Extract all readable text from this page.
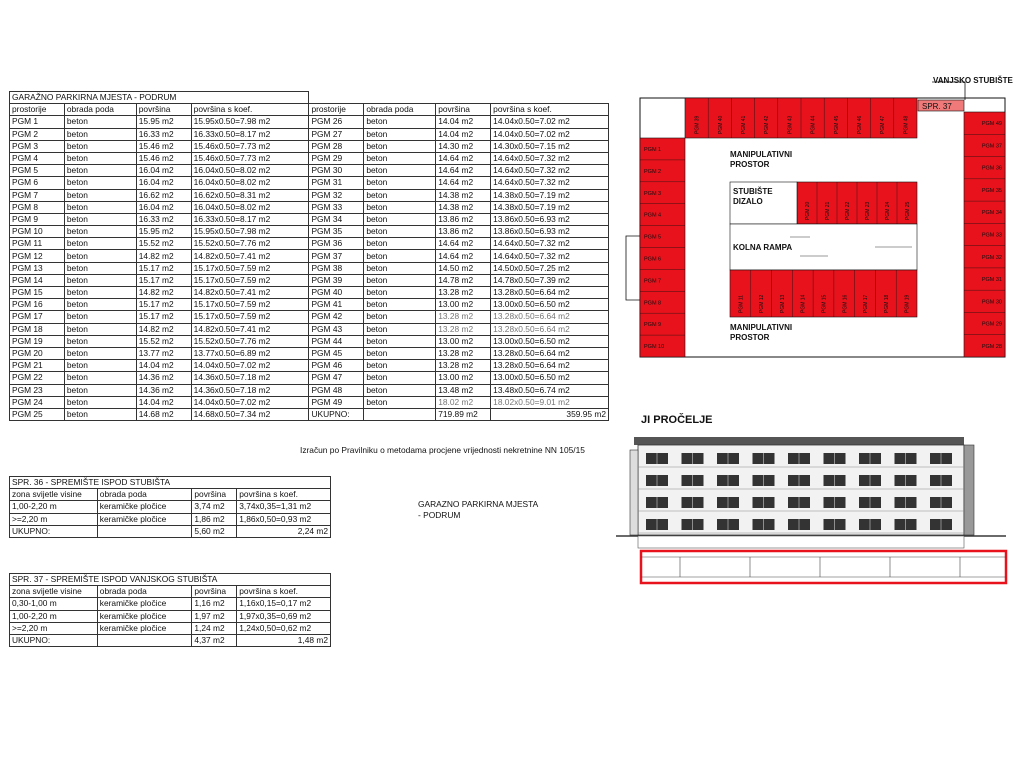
GARAŽNO PARKIRNA MJESTA - PODRUM							
prostorije	obrada poda	površina	površina s koef.	prostorije	obrada poda	površina	površina s koef.
PGM 1	beton	15.95 m2	15.95x0.50=7.98 m2	PGM 26	beton	14.04 m2	14.04x0.50=7.02 m2
PGM 2	beton	16.33 m2	16.33x0.50=8.17 m2	PGM 27	beton	14.04 m2	14.04x0.50=7.02 m2
PGM 3	beton	15.46 m2	15.46x0.50=7.73 m2	PGM 28	beton	14.30 m2	14.30x0.50=7.15 m2
PGM 4	beton	15.46 m2	15.46x0.50=7.73 m2	PGM 29	beton	14.64 m2	14.64x0.50=7.32 m2
PGM 5	beton	16.04 m2	16.04x0.50=8.02 m2	PGM 30	beton	14.64 m2	14.64x0.50=7.32 m2
PGM 6	beton	16.04 m2	16.04x0.50=8.02 m2	PGM 31	beton	14.64 m2	14.64x0.50=7.32 m2
PGM 7	beton	16.62 m2	16.62x0.50=8.31 m2	PGM 32	beton	14.38 m2	14.38x0.50=7.19 m2
PGM 8	beton	16.04 m2	16.04x0.50=8.02 m2	PGM 33	beton	14.38 m2	14.38x0.50=7.19 m2
PGM 9	beton	16.33 m2	16.33x0.50=8.17 m2	PGM 34	beton	13.86 m2	13.86x0.50=6.93 m2
PGM 10	beton	15.95 m2	15.95x0.50=7.98 m2	PGM 35	beton	13.86 m2	13.86x0.50=6.93 m2
PGM 11	beton	15.52 m2	15.52x0.50=7.76 m2	PGM 36	beton	14.64 m2	14.64x0.50=7.32 m2
PGM 12	beton	14.82 m2	14.82x0.50=7.41 m2	PGM 37	beton	14.64 m2	14.64x0.50=7.32 m2
PGM 13	beton	15.17 m2	15.17x0.50=7.59 m2	PGM 38	beton	14.50 m2	14.50x0.50=7.25 m2
PGM 14	beton	15.17 m2	15.17x0.50=7.59 m2	PGM 39	beton	14.78 m2	14.78x0.50=7.39 m2
PGM 15	beton	14.82 m2	14.82x0.50=7.41 m2	PGM 40	beton	13.28 m2	13.28x0.50=6.64 m2
PGM 16	beton	15.17 m2	15.17x0.50=7.59 m2	PGM 41	beton	13.00 m2	13.00x0.50=6.50 m2
PGM 17	beton	15.17 m2	15.17x0.50=7.59 m2	PGM 42	beton	13.28 m2	13.28x0.50=6.64 m2
PGM 18	beton	14.82 m2	14.82x0.50=7.41 m2	PGM 43	beton	13.28 m2	13.28x0.50=6.64 m2
PGM 19	beton	15.52 m2	15.52x0.50=7.76 m2	PGM 44	beton	13.00 m2	13.00x0.50=6.50 m2
PGM 20	beton	13.77 m2	13.77x0.50=6.89 m2	PGM 45	beton	13.28 m2	13.28x0.50=6.64 m2
PGM 21	beton	14.04 m2	14.04x0.50=7.02 m2	PGM 46	beton	13.28 m2	13.28x0.50=6.64 m2
PGM 22	beton	14.36 m2	14.36x0.50=7.18 m2	PGM 47	beton	13.00 m2	13.00x0.50=6.50 m2
PGM 23	beton	14.36 m2	14.36x0.50=7.18 m2	PGM 48	beton	13.48 m2	13.48x0.50=6.74 m2
PGM 24	beton	14.04 m2	14.04x0.50=7.02 m2	PGM 49	beton	18.02 m2	18.02x0.50=9.01 m2
PGM 25	beton	14.68 m2	14.68x0.50=7.34 m2	UKUPNO:		719.89 m2	359.95 m2
Izračun po Pravilniku o metodama procjene vrijednosti nekretnine NN 105/15
SPR. 36 - SPREMIŠTE ISPOD STUBIŠTA			
zona svijetle visine	obrada poda	površina	površina s koef.
1,00-2,20 m	keramičke pločice	3,74 m2	3,74x0,35=1,31 m2
>=2,20 m	keramičke pločice	1,86 m2	1,86x0,50=0,93 m2
UKUPNO:		5,60 m2	2,24 m2
SPR. 37 - SPREMIŠTE ISPOD VANJSKOG STUBIŠTA			
zona svijetle visine	obrada poda	površina	površina s koef.
0,30-1,00 m	keramičke pločice	1,16 m2	1,16x0,15=0,17 m2
1,00-2,20 m	keramičke pločice	1,97 m2	1,97x0,35=0,69 m2
>=2,20 m	keramičke pločice	1,24 m2	1,24x0,50=0,62 m2
UKUPNO:		4,37 m2	1,48 m2
GARAZNO PARKIRNA MJESTA
- PODRUM
SPR. 37
VANJSKO STUBIŠTE
STUBIŠTE
DIZALO
KOLNA RAMPA
MANIPULATIVNI
PROSTOR
MANIPULATIVNI
PROSTOR
PGM 1
PGM 2
PGM 3
PGM 4
PGM 5
PGM 6
PGM 7
PGM 8
PGM 9
PGM 10
PGM 39	PGM 40	PGM 41	PGM 42	PGM 43	PGM 44	PGM 45	PGM 46	PGM 47	PGM 48	PGM 49
PGM 37
PGM 36
PGM 35
PGM 34
PGM 33
PGM 32
PGM 31
PGM 30
PGM 29
PGM 28
PGM 20	PGM 21	PGM 22	PGM 23	PGM 24	PGM 25
PGM 11	PGM 12	PGM 13	PGM 14	PGM 15	PGM 16	PGM 17	PGM 18	PGM 19
JI PROČELJE
